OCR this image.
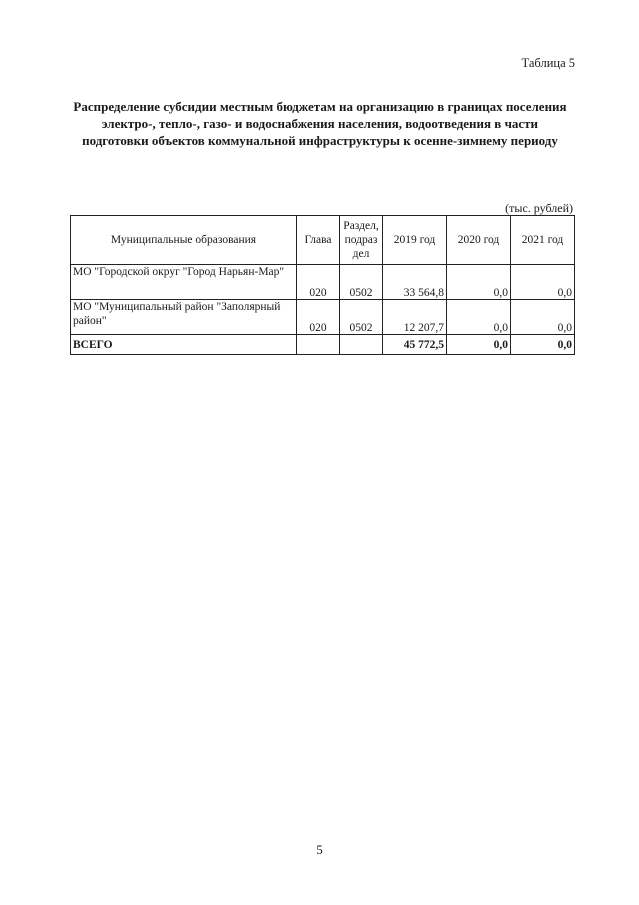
Таблица 5
Распределение субсидии местным бюджетам на организацию в границах поселения электро-, тепло-, газо- и водоснабжения населения, водоотведения в части подготовки объектов коммунальной инфраструктуры к осенне-зимнему периоду
(тыс. рублей)
Муниципальные образования	Глава	Раздел, подраз дел	2019 год	2020 год	2021 год
МО "Городской округ "Город Нарьян-Мар"	020	0502	33 564,8	0,0	0,0
МО "Муниципальный район "Заполярный район"	020	0502	12 207,7	0,0	0,0
ВСЕГО			45 772,5	0,0	0,0
5
